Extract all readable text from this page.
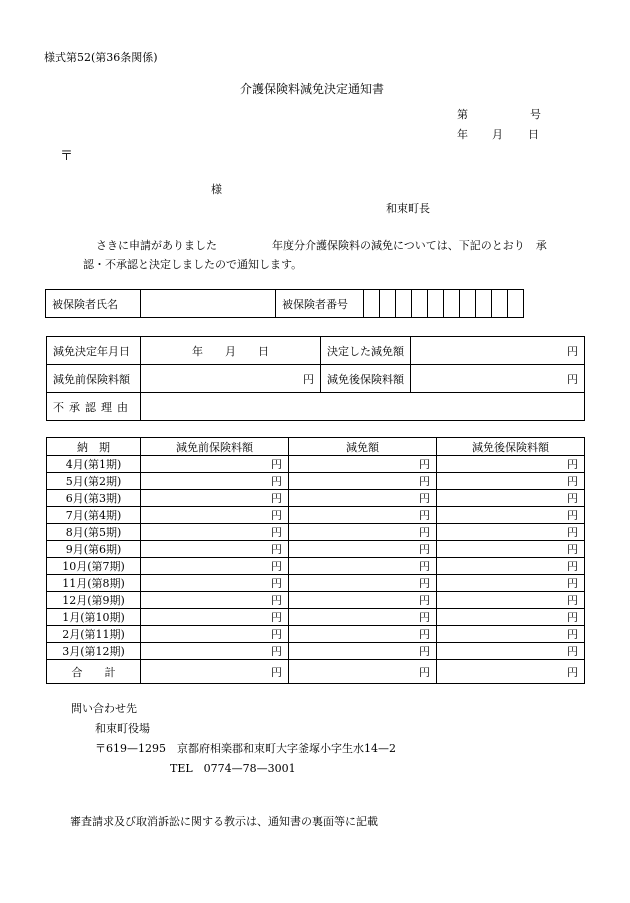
様式第52(第36条関係)
介護保険料減免決定通知書
第	号
年 月 日
〒
様
和束町長
さきに申請がありました　　　　　年度分介護保険料の減免については、下記のとおり　承
認・不承認と決定しましたので通知します。
被保険者氏名		被保険者番号										
減免決定年月日	年　　月　　日	決定した減免額	円
減免前保険料額	円	減免後保険料額	円
不承認理由			
納　期	減免前保険料額	減免額	減免後保険料額
4月(第1期)	円	円	円
5月(第2期)	円	円	円
6月(第3期)	円	円	円
7月(第4期)	円	円	円
8月(第5期)	円	円	円
9月(第6期)	円	円	円
10月(第7期)	円	円	円
11月(第8期)	円	円	円
12月(第9期)	円	円	円
1月(第10期)	円	円	円
2月(第11期)	円	円	円
3月(第12期)	円	円	円
合　　計	円	円	円
問い合わせ先
和束町役場
〒619—1295　京都府相楽郡和束町大字釜塚小字生水14—2
TEL　0774—78—3001
審査請求及び取消訴訟に関する教示は、通知書の裏面等に記載
